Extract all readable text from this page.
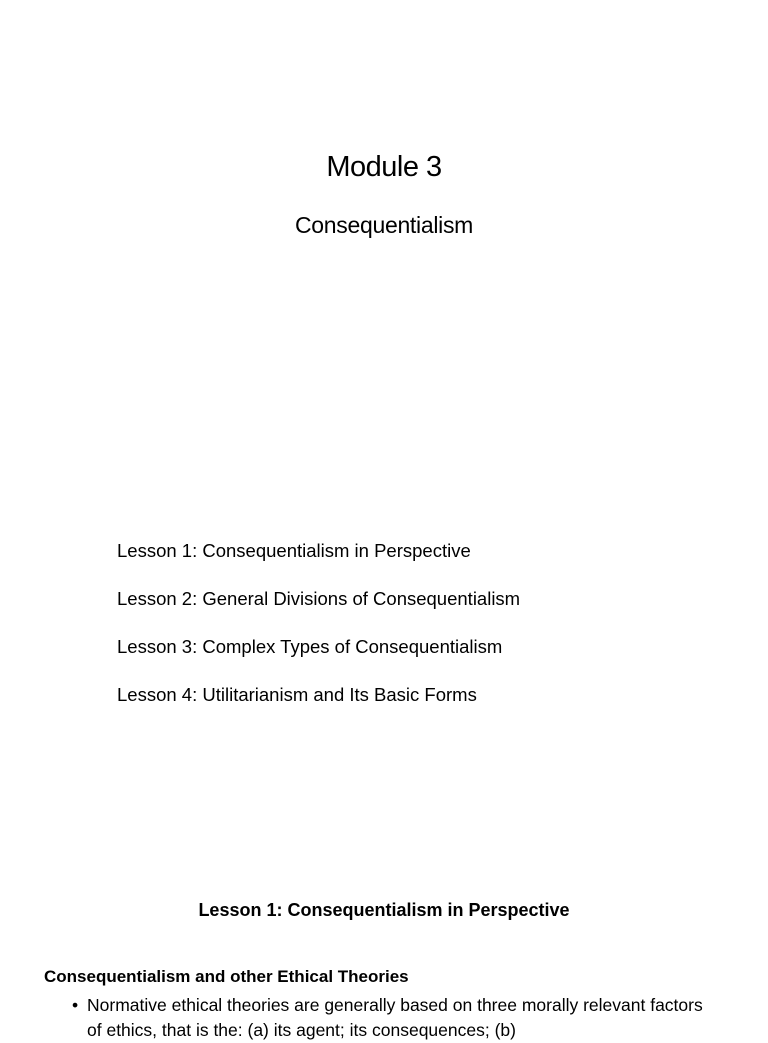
Module 3
Consequentialism
Lesson 1: Consequentialism in Perspective
Lesson 2: General Divisions of Consequentialism
Lesson 3: Complex Types of Consequentialism
Lesson 4: Utilitarianism and Its Basic Forms
Lesson 1: Consequentialism in Perspective
Consequentialism and other Ethical Theories
• Normative ethical theories are generally based on three morally relevant factors of ethics, that is the: (a) its agent; its consequences; (b)
